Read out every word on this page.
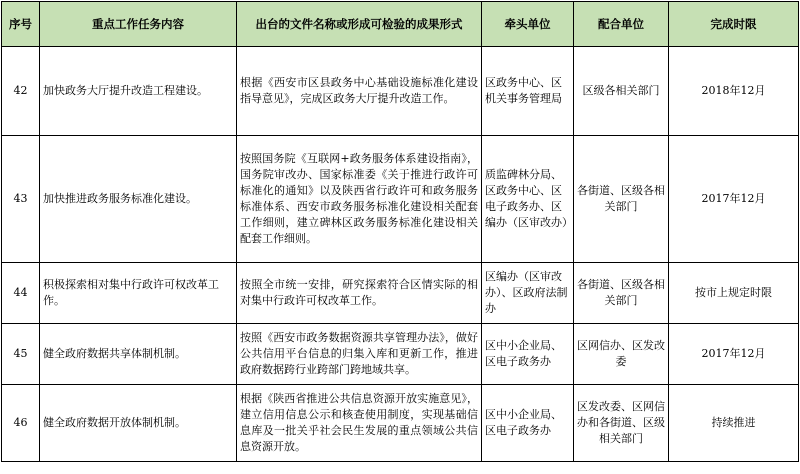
序号	重点工作任务内容	出台的文件名称或形成可检验的成果形式	牵头单位	配合单位	完成时限
42	加快政务大厅提升改造工程建设。	根据《西安市区县政务中心基础设施标准化建设指导意见》，完成区政务大厅提升改造工作。	区政务中心、区机关事务管理局	区级各相关部门	2018年12月
43	加快推进政务服务标准化建设。	按照国务院《互联网+政务服务体系建设指南》，国务院审改办、国家标准委《关于推进行政许可标准化的通知》以及陕西省行政许可和政务服务标准体系、西安市政务服务标准化建设相关配套工作细则，建立碑林区政务服务标准化建设相关配套工作细则。	质监碑林分局、区政务中心、区电子政务办、区编办（区审改办）	各街道、区级各相关部门	2017年12月
44	积极探索相对集中行政许可权改革工作。	按照全市统一安排，研究探索符合区情实际的相对集中行政许可权改革工作。	区编办（区审改办）、区政府法制办	各街道、区级各相关部门	按市上规定时限
45	健全政府数据共享体制机制。	按照《西安市政务数据资源共享管理办法》，做好公共信用平台信息的归集入库和更新工作，推进政府数据跨行业跨部门跨地域共享。	区中小企业局、区电子政务办	区网信办、区发改委	2017年12月
46	健全政府数据开放体制机制。	根据《陕西省推进公共信息资源开放实施意见》，建立信用信息公示和核查使用制度，实现基础信息库及一批关乎社会民生发展的重点领域公共信息资源开放。	区中小企业局、区电子政务办	区发改委、区网信办和各街道、区级相关部门	持续推进
